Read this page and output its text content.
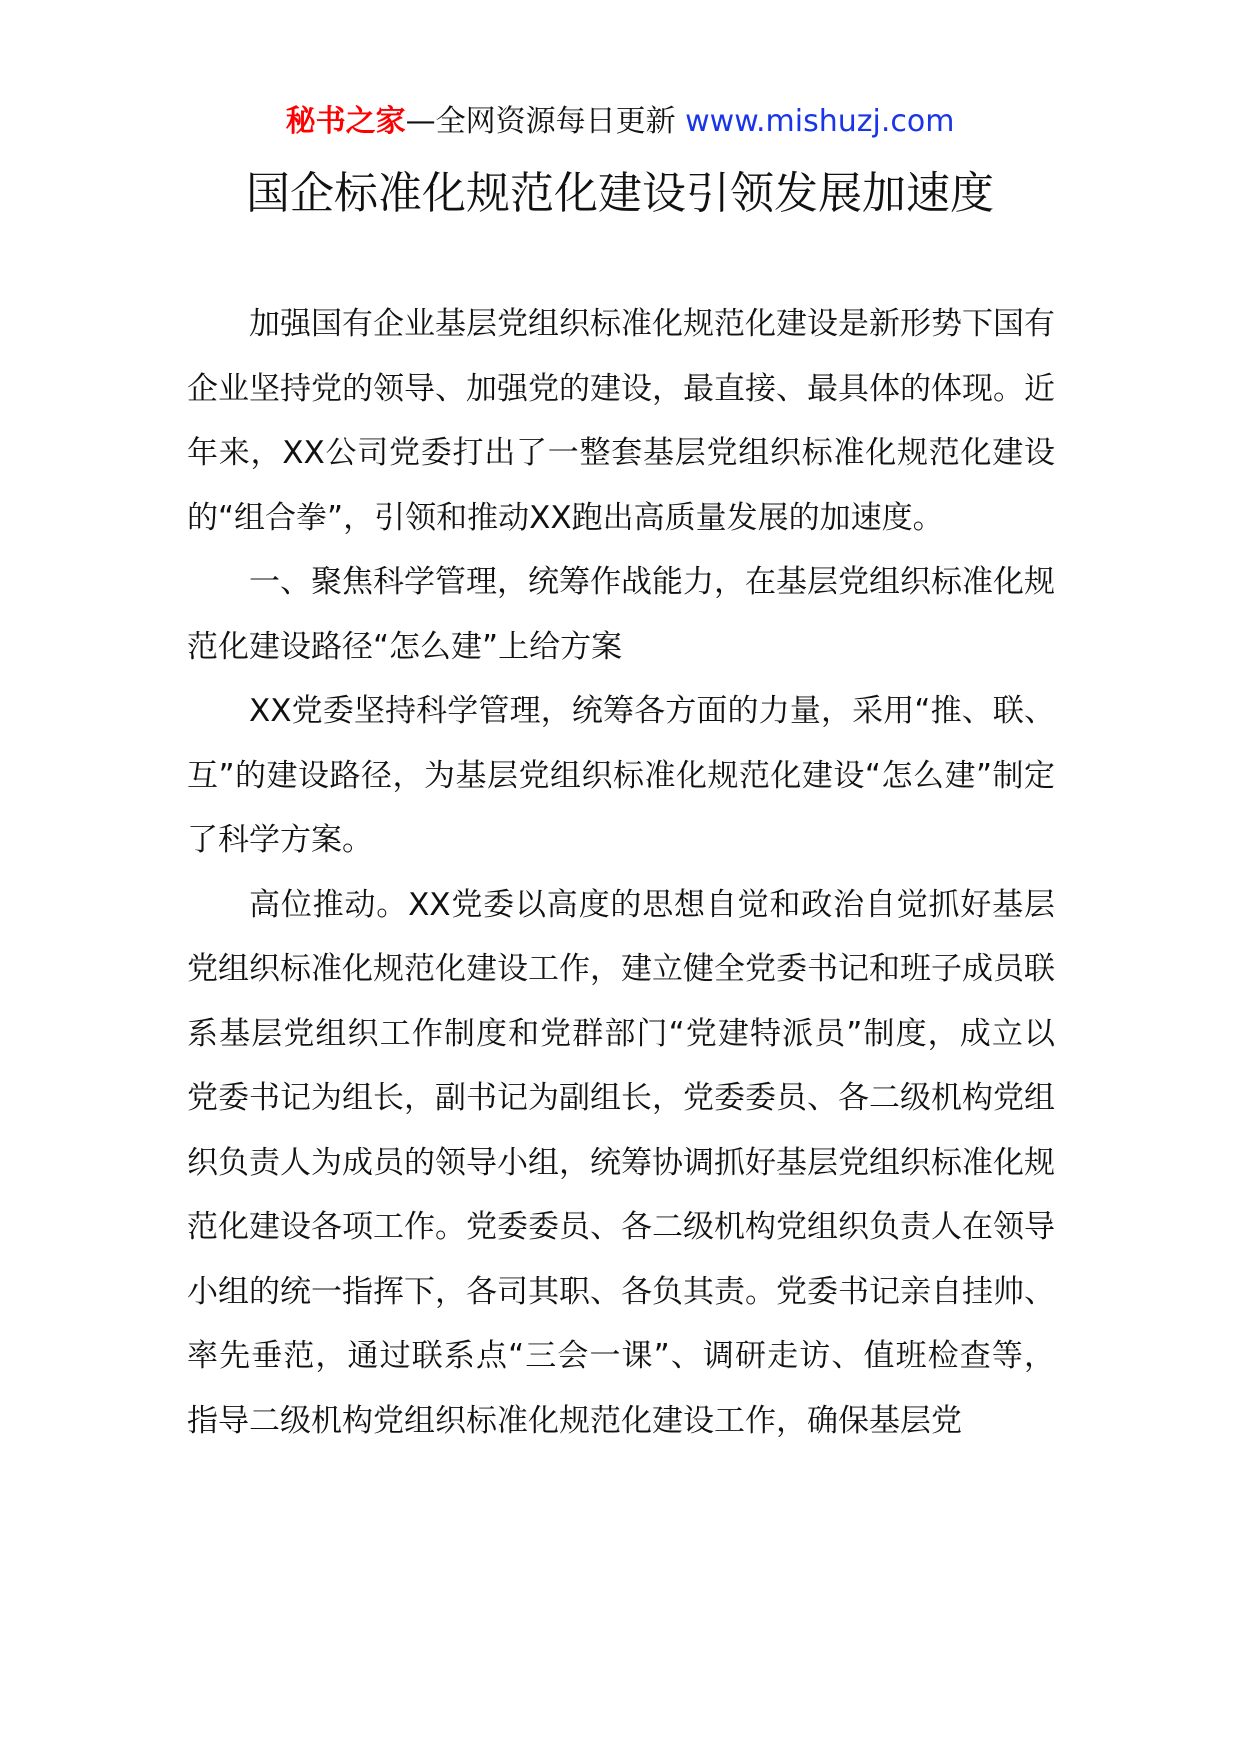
秘书之家—全网资源每日更新 www.mishuzj.com
国企标准化规范化建设引领发展加速度

加强国有企业基层党组织标准化规范化建设是新形势下国有企业坚持党的领导、加强党的建设，最直接、最具体的体现。近年来，XX公司党委打出了一整套基层党组织标准化规范化建设的“组合拳”，引领和推动XX跑出高质量发展的加速度。

一、聚焦科学管理，统筹作战能力，在基层党组织标准化规范化建设路径“怎么建”上给方案

XX党委坚持科学管理，统筹各方面的力量，采用“推、联、互”的建设路径，为基层党组织标准化规范化建设“怎么建”制定了科学方案。

高位推动。XX党委以高度的思想自觉和政治自觉抓好基层党组织标准化规范化建设工作，建立健全党委书记和班子成员联系基层党组织工作制度和党群部门“党建特派员”制度，成立以党委书记为组长，副书记为副组长，党委委员、各二级机构党组织负责人为成员的领导小组，统筹协调抓好基层党组织标准化规范化建设各项工作。党委委员、各二级机构党组织负责人在领导小组的统一指挥下，各司其职、各负其责。党委书记亲自挂帅、率先垂范，通过联系点“三会一课”、调研走访、值班检查等，指导二级机构党组织标准化规范化建设工作，确保基层党
